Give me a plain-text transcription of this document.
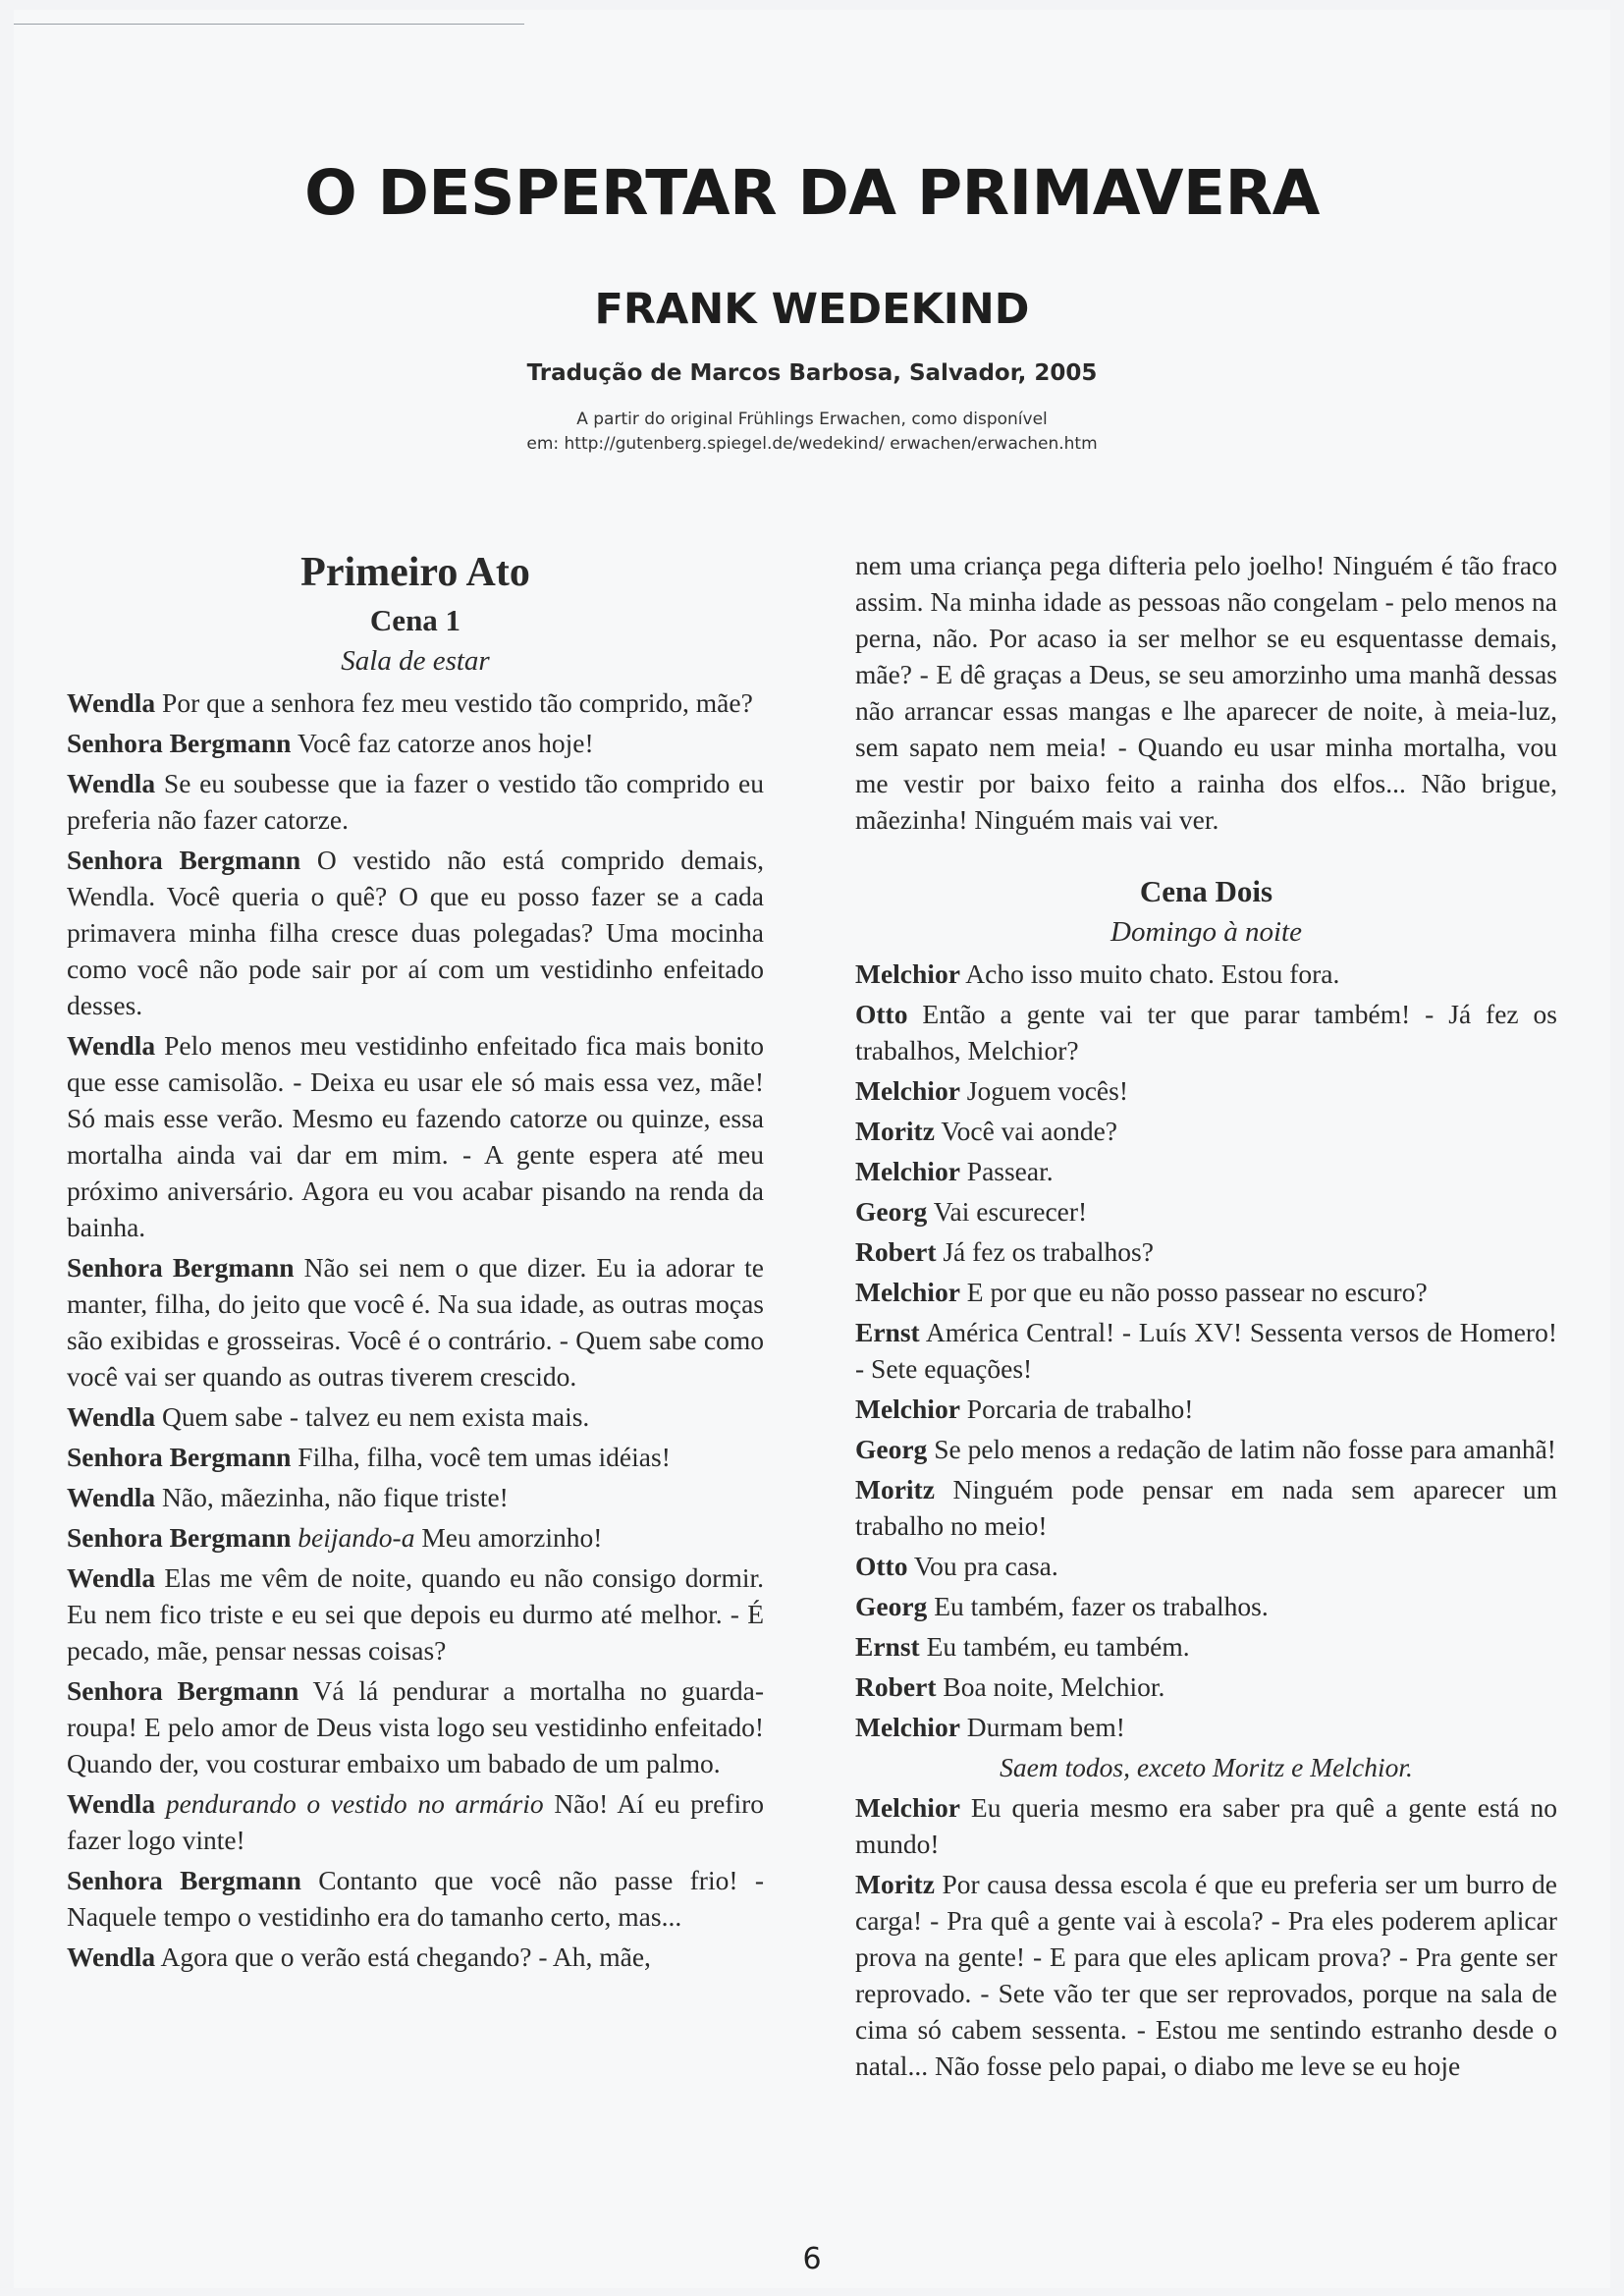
O DESPERTAR DA PRIMAVERA
FRANK WEDEKIND
Tradução de Marcos Barbosa, Salvador, 2005
A partir do original Frühlings Erwachen, como disponível
em: http://gutenberg.spiegel.de/wedekind/ erwachen/erwachen.htm
Primeiro Ato
Cena 1
Sala de estar
Wendla Por que a senhora fez meu vestido tão comprido, mãe?
Senhora Bergmann Você faz catorze anos hoje!
Wendla Se eu soubesse que ia fazer o vestido tão comprido eu preferia não fazer catorze.
Senhora Bergmann O vestido não está comprido demais, Wendla. Você queria o quê? O que eu posso fazer se a cada primavera minha filha cresce duas polegadas? Uma mocinha como você não pode sair por aí com um vestidinho enfeitado desses.
Wendla Pelo menos meu vestidinho enfeitado fica mais bonito que esse camisolão. - Deixa eu usar ele só mais essa vez, mãe! Só mais esse verão. Mesmo eu fazendo catorze ou quinze, essa mortalha ainda vai dar em mim. - A gente espera até meu próximo aniversário. Agora eu vou acabar pisando na renda da bainha.
Senhora Bergmann Não sei nem o que dizer. Eu ia adorar te manter, filha, do jeito que você é. Na sua idade, as outras moças são exibidas e grosseiras. Você é o contrário. - Quem sabe como você vai ser quando as outras tiverem crescido.
Wendla Quem sabe - talvez eu nem exista mais.
Senhora Bergmann Filha, filha, você tem umas idéias!
Wendla Não, mãezinha, não fique triste!
Senhora Bergmann beijando-a Meu amorzinho!
Wendla Elas me vêm de noite, quando eu não consigo dormir. Eu nem fico triste e eu sei que depois eu durmo até melhor. - É pecado, mãe, pensar nessas coisas?
Senhora Bergmann Vá lá pendurar a mortalha no guarda-roupa! E pelo amor de Deus vista logo seu vestidinho enfeitado! Quando der, vou costurar embaixo um babado de um palmo.
Wendla pendurando o vestido no armário Não! Aí eu prefiro fazer logo vinte!
Senhora Bergmann Contanto que você não passe frio! - Naquele tempo o vestidinho era do tamanho certo, mas...
Wendla Agora que o verão está chegando? - Ah, mãe,
nem uma criança pega difteria pelo joelho! Ninguém é tão fraco assim. Na minha idade as pessoas não congelam - pelo menos na perna, não. Por acaso ia ser melhor se eu esquentasse demais, mãe? - E dê graças a Deus, se seu amorzinho uma manhã dessas não arrancar essas mangas e lhe aparecer de noite, à meia-luz, sem sapato nem meia! - Quando eu usar minha mortalha, vou me vestir por baixo feito a rainha dos elfos... Não brigue, mãezinha! Ninguém mais vai ver.
Cena Dois
Domingo à noite
Melchior Acho isso muito chato. Estou fora.
Otto Então a gente vai ter que parar também! - Já fez os trabalhos, Melchior?
Melchior Joguem vocês!
Moritz Você vai aonde?
Melchior Passear.
Georg Vai escurecer!
Robert Já fez os trabalhos?
Melchior E por que eu não posso passear no escuro?
Ernst América Central! - Luís XV! Sessenta versos de Homero! - Sete equações!
Melchior Porcaria de trabalho!
Georg Se pelo menos a redação de latim não fosse para amanhã!
Moritz Ninguém pode pensar em nada sem aparecer um trabalho no meio!
Otto Vou pra casa.
Georg Eu também, fazer os trabalhos.
Ernst Eu também, eu também.
Robert Boa noite, Melchior.
Melchior Durmam bem!
Saem todos, exceto Moritz e Melchior.
Melchior Eu queria mesmo era saber pra quê a gente está no mundo!
Moritz Por causa dessa escola é que eu preferia ser um burro de carga! - Pra quê a gente vai à escola? - Pra eles poderem aplicar prova na gente! - E para que eles aplicam prova? - Pra gente ser reprovado. - Sete vão ter que ser reprovados, porque na sala de cima só cabem sessenta. - Estou me sentindo estranho desde o natal... Não fosse pelo papai, o diabo me leve se eu hoje
6
